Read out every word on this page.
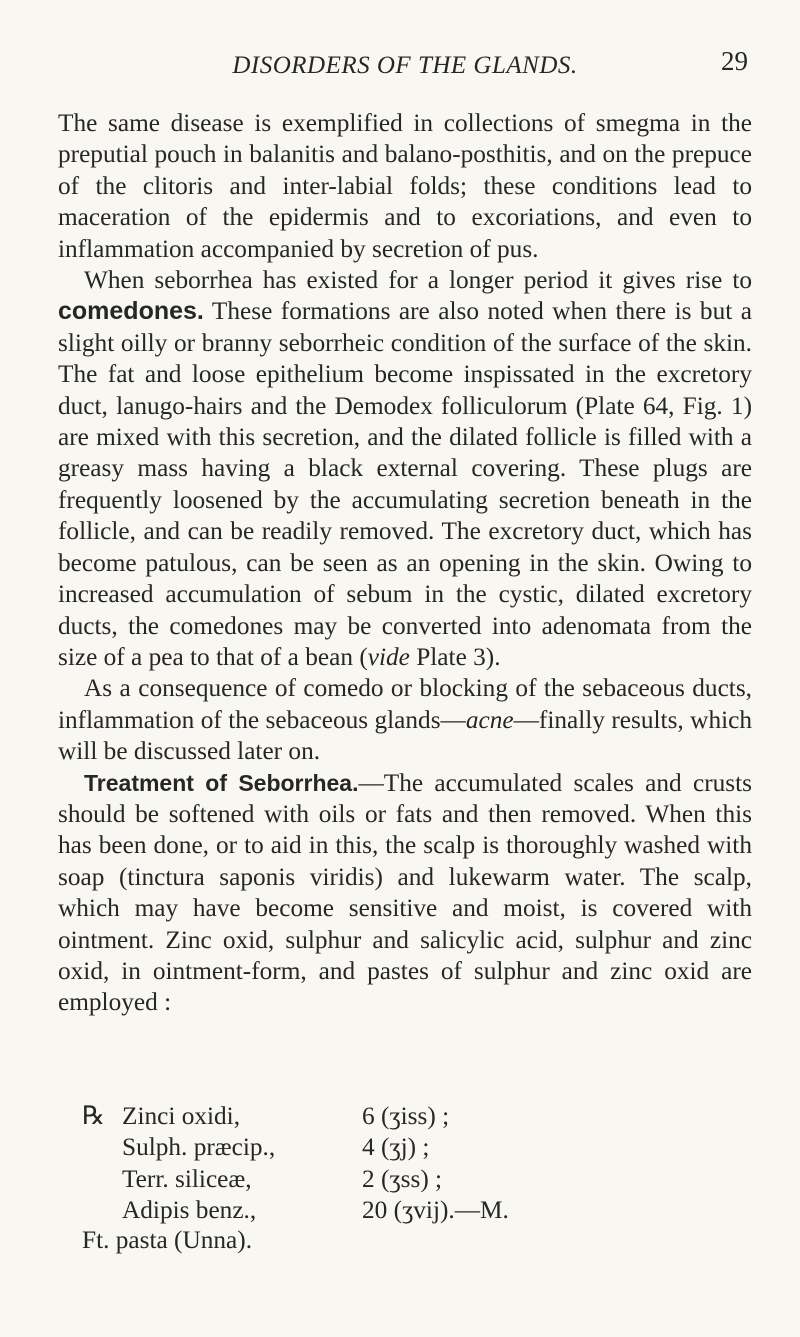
DISORDERS OF THE GLANDS.	29

The same disease is exemplified in collections of smegma in the preputial pouch in balanitis and balano-posthitis, and on the prepuce of the clitoris and inter-labial folds; these conditions lead to maceration of the epidermis and to excoriations, and even to inflammation accompanied by secretion of pus.

When seborrhea has existed for a longer period it gives rise to comedones. These formations are also noted when there is but a slight oilly or branny seborrheic condition of the surface of the skin. The fat and loose epithelium become inspissated in the excretory duct, lanugo-hairs and the Demodex folliculorum (Plate 64, Fig. 1) are mixed with this secretion, and the dilated follicle is filled with a greasy mass having a black external covering. These plugs are frequently loosened by the accumulating secretion beneath in the follicle, and can be readily removed. The excretory duct, which has become patulous, can be seen as an opening in the skin. Owing to increased accumulation of sebum in the cystic, dilated excretory ducts, the comedones may be converted into adenomata from the size of a pea to that of a bean (vide Plate 3).

As a consequence of comedo or blocking of the sebaceous ducts, inflammation of the sebaceous glands—acne—finally results, which will be discussed later on.

Treatment of Seborrhea.—The accumulated scales and crusts should be softened with oils or fats and then removed. When this has been done, or to aid in this, the scalp is thoroughly washed with soap (tinctura saponis viridis) and lukewarm water. The scalp, which may have become sensitive and moist, is covered with ointment. Zinc oxid, sulphur and salicylic acid, sulphur and zinc oxid, in ointment-form, and pastes of sulphur and zinc oxid are employed :

℞ Zinci oxidi,	6 (ʒiss) ;
Sulph. præcip.,	4 (ʒj) ;
Terr. siliceæ,	2 (ʒss) ;
Adipis benz.,	20 (ʒvij).—M.
Ft. pasta (Unna).
